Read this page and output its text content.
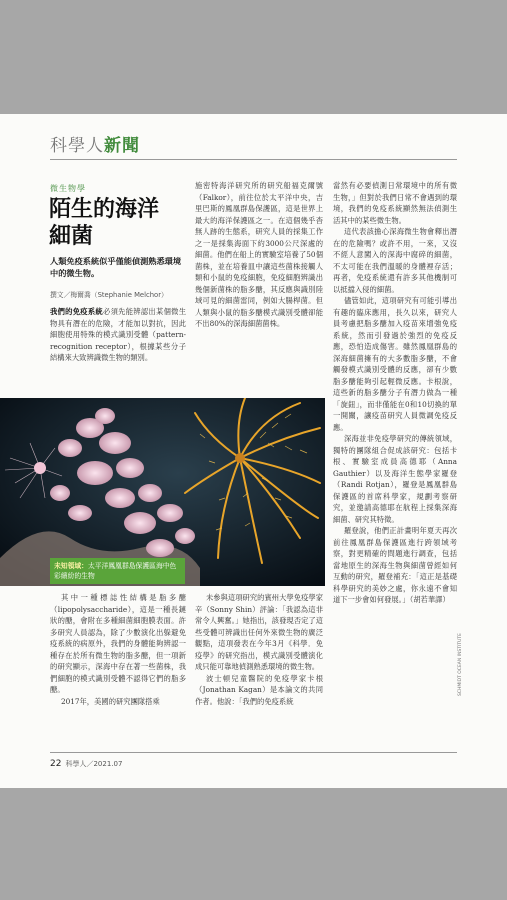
科學人新聞
微生物學
陌生的海洋
細菌
人類免疫系統似乎僅能偵測熟悉環境中的微生物。
撰文／梅爾喬（Stephanie Melchor）

我們的免疫系統必須先能辨認出某個微生物具有潛在的危險，才能加以對抗，因此細胞使用特殊的模式識別受體（pattern-recognition receptor），根據某些分子結構來大致辨識微生物的類別。

施密特海洋研究所的研究船福克爾號（Falkor），前往位於太平洋中央，吉里巴斯的鳳凰群島保護區，這是世界上最大的海洋保護區之一。在這個幾乎杳無人跡的生態系，研究人員的採集工作之一是採集海面下約3000公尺深處的細菌。他們在船上的實驗室培養了50個菌株，並在培養皿中讓這些菌株接觸人類和小鼠的免疫細胞，免疫細胞辨識出幾個新菌株的脂多醣，其反應與識別陸域可見的細菌雷同，例如大腸桿菌。但人類與小鼠的脂多醣模式識別受體卻能不出80%的深海細菌菌株。

當然有必要偵測日常環境中的所有微生物，」但對於我們日常不會遇到的環境，我們的免疫系統顯然無法偵測生活其中的某些微生物。

這代表該擔心深海微生物會釋出潛在的危險嗎？或許不用，一來，又沒不經人意闖入的深海中腐碎的細菌，不太可能在我們溫暖的身體裡存活；再者，免疫系統還有許多其他機制可以抵擋入侵的細菌。

儘管如此，這項研究有可能引導出有趣的臨床應用，長久以來，研究人員考慮把脂多醣加入疫苗來增強免疫系統，然而引發過於強烈的免疫反應，恐怕造成傷害。雖然鳳凰群島的深海細菌擁有的大多數脂多醣，不會觸發模式識別受體的反應，卻有少數脂多醣能夠引起輕微反應。卡根說，這些新的脂多醣分子有潛力做為一種「旋鈕」，而非僅能在0和10切換的單一開關，讓疫苗研究人員微調免疫反應。

深海並非免疫學研究的傳統領域，獨特的團隊組合促成該研究：包括卡根、實驗室成員高德耶（Anna Gauthier）以及海洋生態學家羅登（Randi Rotjan），羅登是鳳凰群島保護區的首席科學家，規劃考察研究，並邀請高德耶在航程上採集深海細菌、研究其特徵。

羅登說，他們正計畫明年夏天再次前往鳳凰群島保護區進行跨領域考察，對更精確的問題進行調查，包括當地原生的深海生物與細菌曾經如何互動的研究，羅登補充：「這正是基礎科學研究的美妙之處，你永遠不會知道下一步會如何發展。」（胡若華譯）

未知領域：太平洋鳳凰群島保護區海中色彩繽紛的生物

其中一種標誌性結構是脂多醣（lipopolysaccharide），這是一種長鏈狀的醣，會附在多種細菌細胞膜表面。許多研究人員認為，除了少數演化出躲避免疫系統的病原外，我們的身體能夠辨認一種存在於所有微生物的脂多醣，但一項新的研究顯示，深海中存在著一些菌株，我們細胞的模式識別受體不認得它們的脂多醣。

2017年，美國的研究團隊搭乘

未參與這項研究的賓州大學免疫學家辛（Sonny Shin）評論：「我認為這非常令人興奮。」她指出，該發現否定了這些受體可辨識出任何外來微生物的廣泛觀點，這項發表在今年3月《科學．免疫學》的研究指出，模式識別受體演化成只能可靠地偵測熟悉環境的微生物。

波士頓兒童醫院的免疫學家卡根（Jonathan Kagan）是本論文的共同作者。他說：「我們的免疫系統

SCHMIDT OCEAN INSTITUTE
22 科學人／2021.07
